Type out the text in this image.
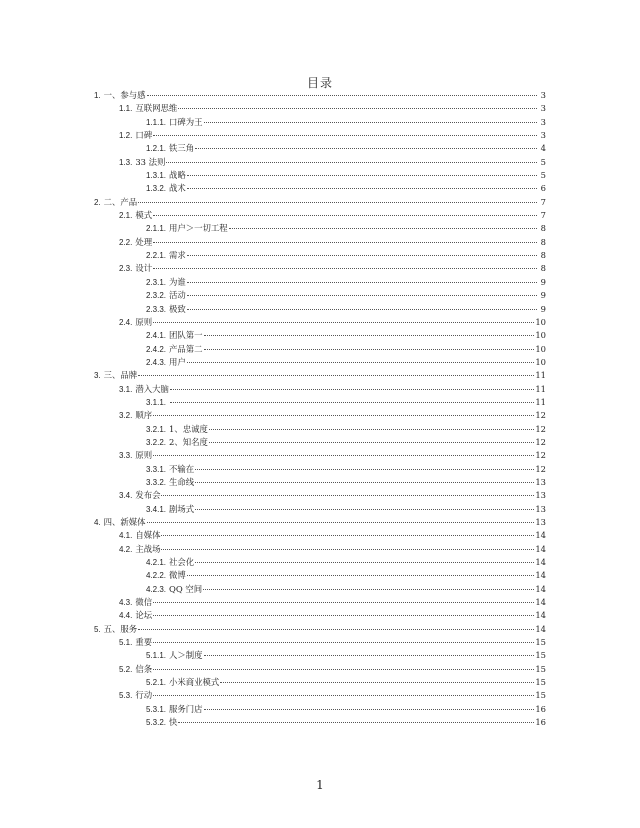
目录
1. 一、参与感	3
1.1. 互联网思维	3
1.1.1. 口碑为王	3
1.2. 口碑	3
1.2.1. 铁三角	4
1.3. 33 法则	5
1.3.1. 战略	5
1.3.2. 战术	6
2. 二、产品	7
2.1. 模式	7
2.1.1. 用户＞一切工程	8
2.2. 处理	8
2.2.1. 需求	8
2.3. 设计	8
2.3.1. 为谁	9
2.3.2. 活动	9
2.3.3. 极致	9
2.4. 原则	10
2.4.1. 团队第一	10
2.4.2. 产品第二	10
2.4.3. 用户	10
3. 三、品牌	11
3.1. 潜入大脑	11
3.1.1.	11
3.2. 顺序	12
3.2.1. 1、忠诚度	12
3.2.2. 2、知名度	12
3.3. 原则	12
3.3.1. 不输在	12
3.3.2. 生命线	13
3.4. 发布会	13
3.4.1. 剧场式	13
4. 四、新媒体	13
4.1. 自媒体	14
4.2. 主战场	14
4.2.1. 社会化	14
4.2.2. 微博	14
4.2.3. QQ 空间	14
4.3. 微信	14
4.4. 论坛	14
5. 五、服务	14
5.1. 重要	15
5.1.1. 人＞制度	15
5.2. 信条	15
5.2.1. 小米商业模式	15
5.3. 行动	15
5.3.1. 服务门店	16
5.3.2. 快	16
1
